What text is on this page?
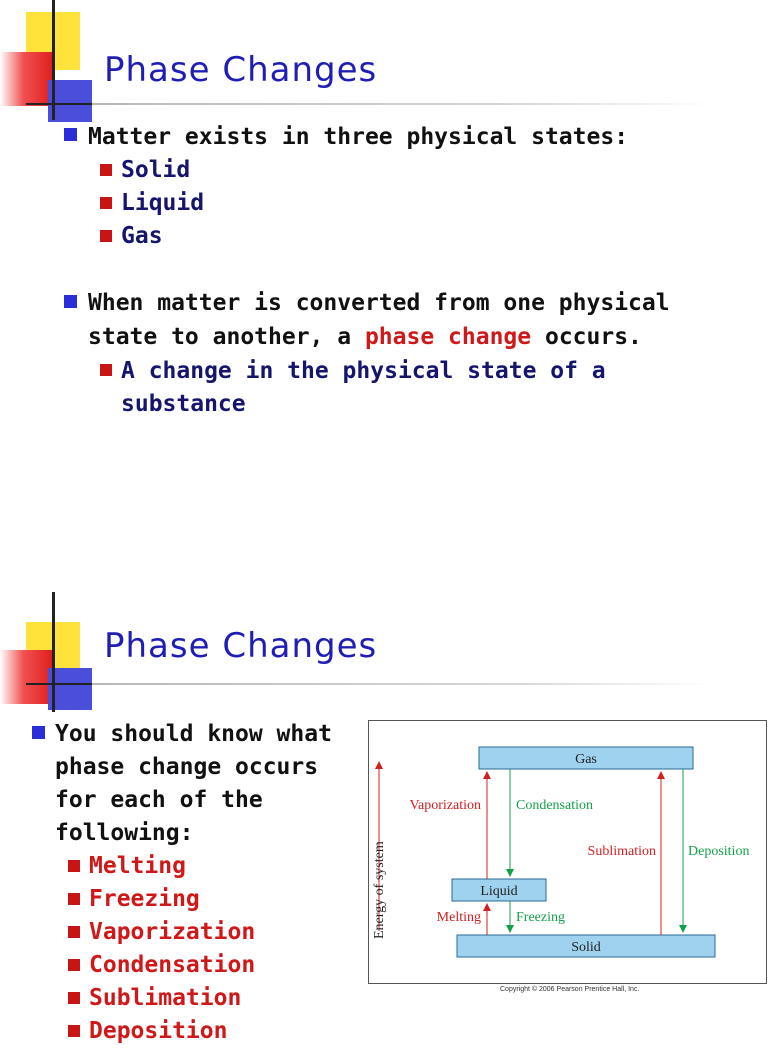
Phase Changes
Matter exists in three physical states:
Solid
Liquid
Gas
When matter is converted from one physical
state to another, a phase change occurs.
A change in the physical state of a
substance
Phase Changes
You should know what
phase change occurs
for each of the
following:
Melting
Freezing
Vaporization
Condensation
Sublimation
Deposition
Energy of system
Gas
Liquid
Solid
Vaporization	Condensation
Melting	Freezing
Sublimation Deposition
Copyright © 2006 Pearson Prentice Hall, Inc.
